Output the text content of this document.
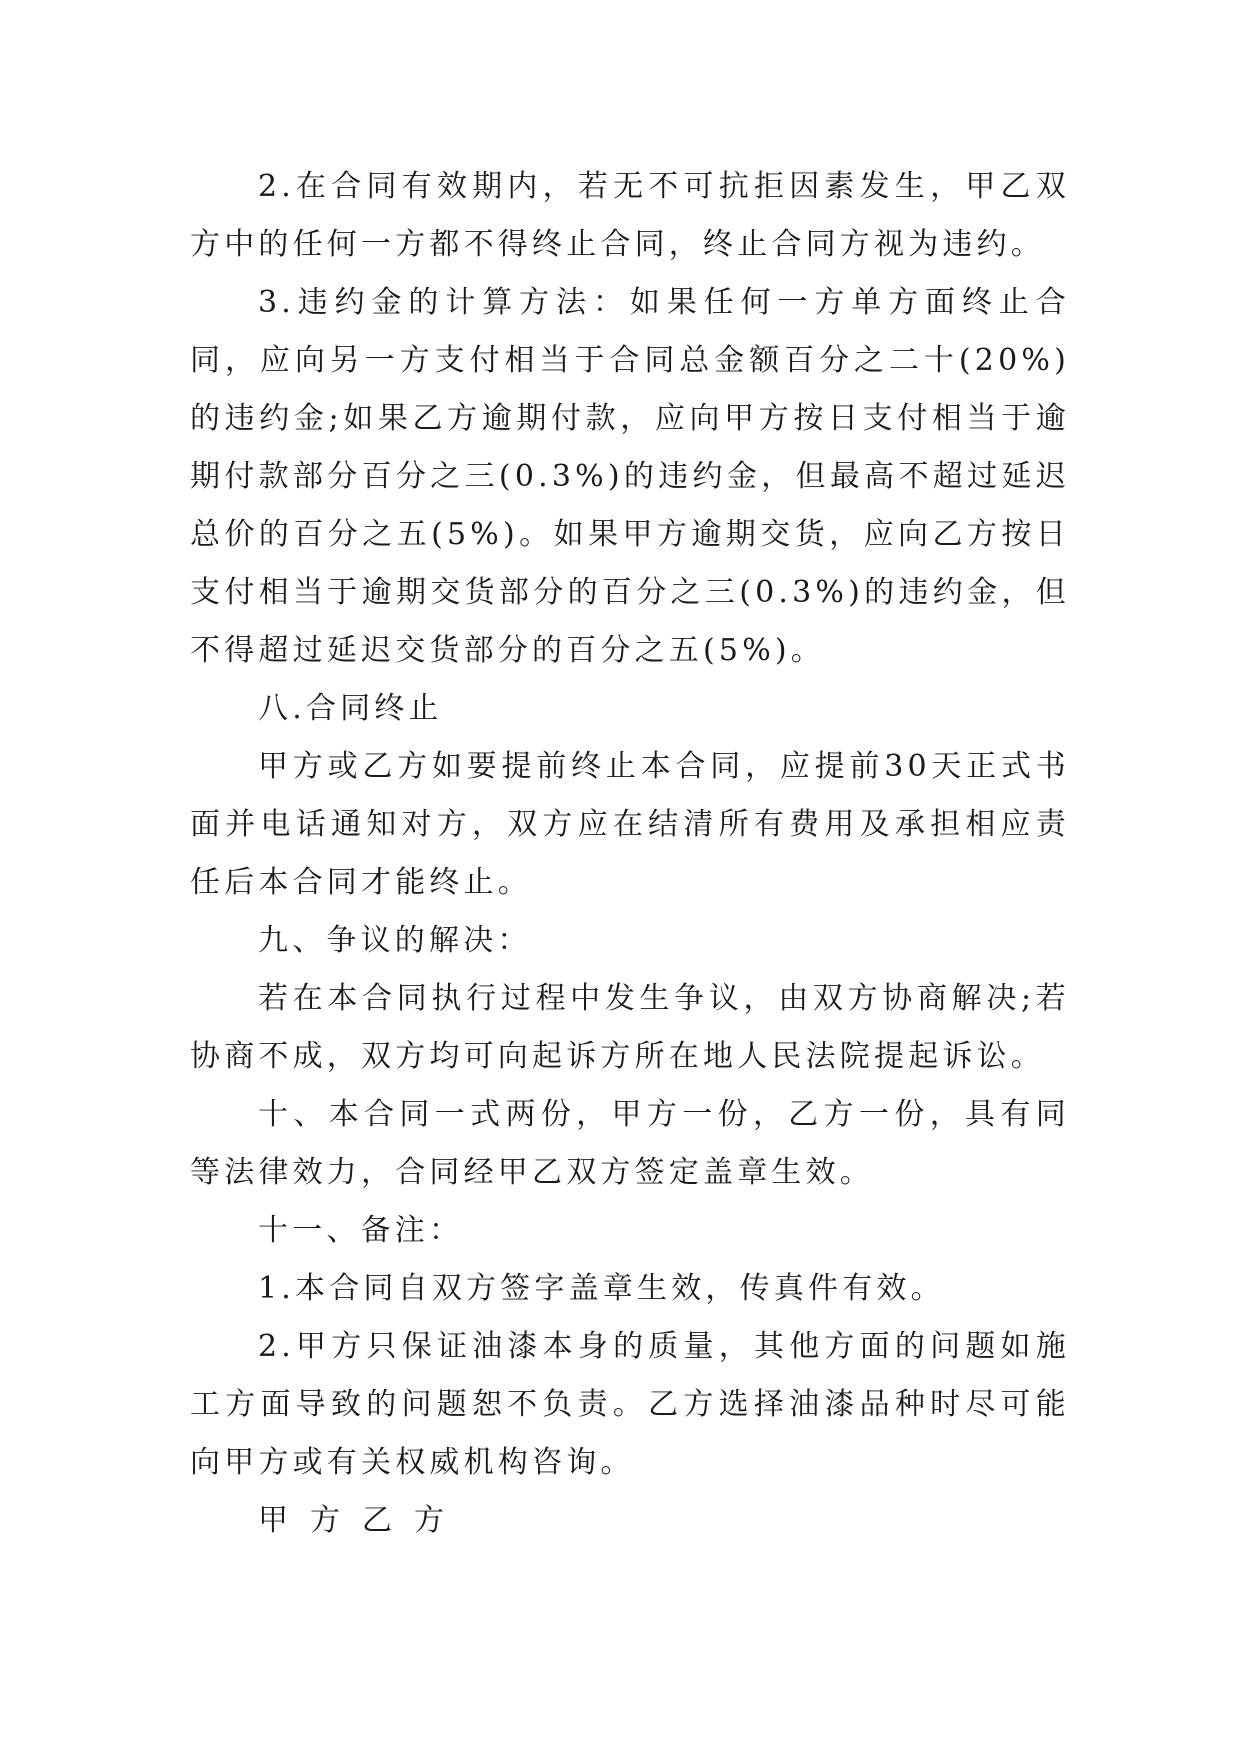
2.在合同有效期内，若无不可抗拒因素发生，甲乙双方中的任何一方都不得终止合同，终止合同方视为违约。

3.违约金的计算方法：如果任何一方单方面终止合同，应向另一方支付相当于合同总金额百分之二十(20%)的违约金;如果乙方逾期付款，应向甲方按日支付相当于逾期付款部分百分之三(0.3%)的违约金，但最高不超过延迟总价的百分之五(5%)。如果甲方逾期交货，应向乙方按日支付相当于逾期交货部分的百分之三(0.3%)的违约金，但不得超过延迟交货部分的百分之五(5%)。

八.合同终止

甲方或乙方如要提前终止本合同，应提前30天正式书面并电话通知对方，双方应在结清所有费用及承担相应责任后本合同才能终止。

九、争议的解决：

若在本合同执行过程中发生争议，由双方协商解决;若协商不成，双方均可向起诉方所在地人民法院提起诉讼。

十、本合同一式两份，甲方一份，乙方一份，具有同等法律效力，合同经甲乙双方签定盖章生效。

十一、备注：

1.本合同自双方签字盖章生效，传真件有效。

2.甲方只保证油漆本身的质量，其他方面的问题如施工方面导致的问题恕不负责。乙方选择油漆品种时尽可能向甲方或有关权威机构咨询。

甲方乙方
